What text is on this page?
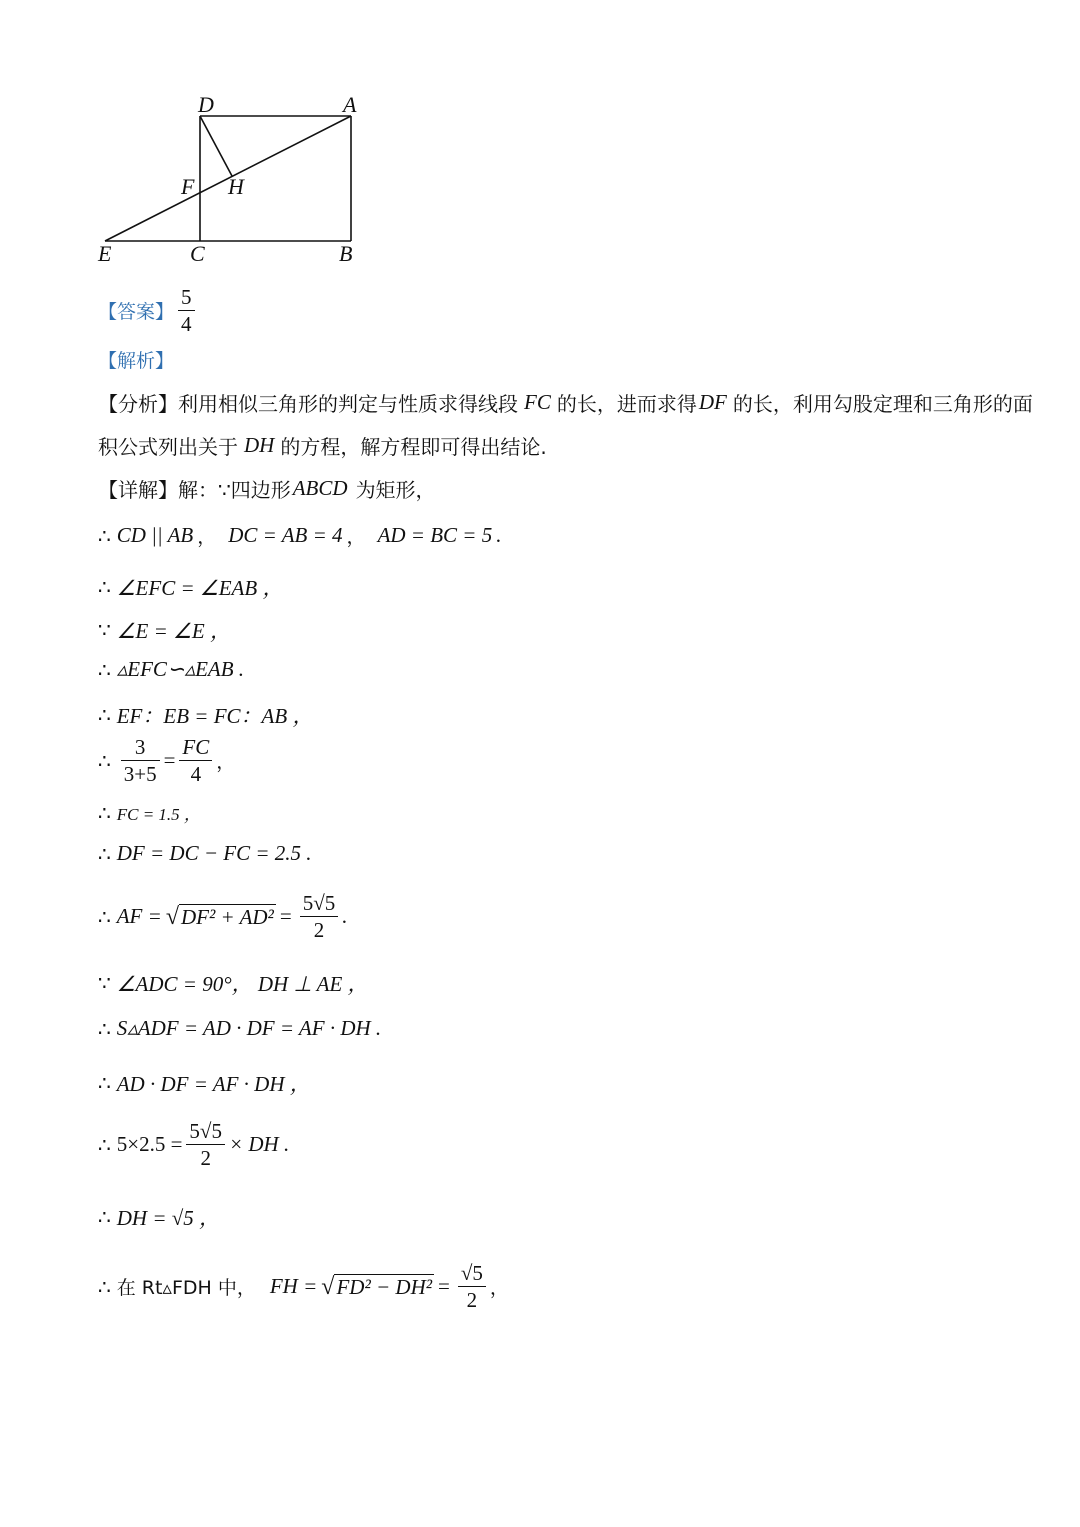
D	A
F H
E	C	B
【答案】 $\frac{5}{4}$
【解析】
【分析】 利用相似三角形的判定与性质求得线段 FC 的长，进而求得 DF 的长，利用勾股定理和三角形的面
积公式列出关于 DH 的方程，解方程即可得出结论.
【详解】 解：∵四边形 ABCD 为矩形，
∴ CD || AB ， DC = AB = 4 ， AD = BC = 5 .
∴ ∠EFC = ∠EAB ，
∵ ∠E = ∠E ，
∴ ▵EFC∽▵EAB .
∴ EF：EB = FC：AB ，
∴ $\frac{3}{3+5} = \frac{FC}{4}$ ，
∴ FC = 1.5 ，
∴ DF = DC − FC = 2.5 .
∴ AF = √ $DF^2 + AD^2 = \frac{5√5}{2}$ .
∵ ∠ADC = 90°， DH ⊥ AE ，
∴ S▵ADF = AD · DF = AF · DH .
∴ AD · DF = AF · DH ，
∴ $5\times 2.5 = \frac{5√5}{2}$ × DH .
∴ DH = √5 ，
∴ 在 Rt▵FDH 中， FH = √ $FD^2 - DH^2 = \frac{√5}{2}$ ，
